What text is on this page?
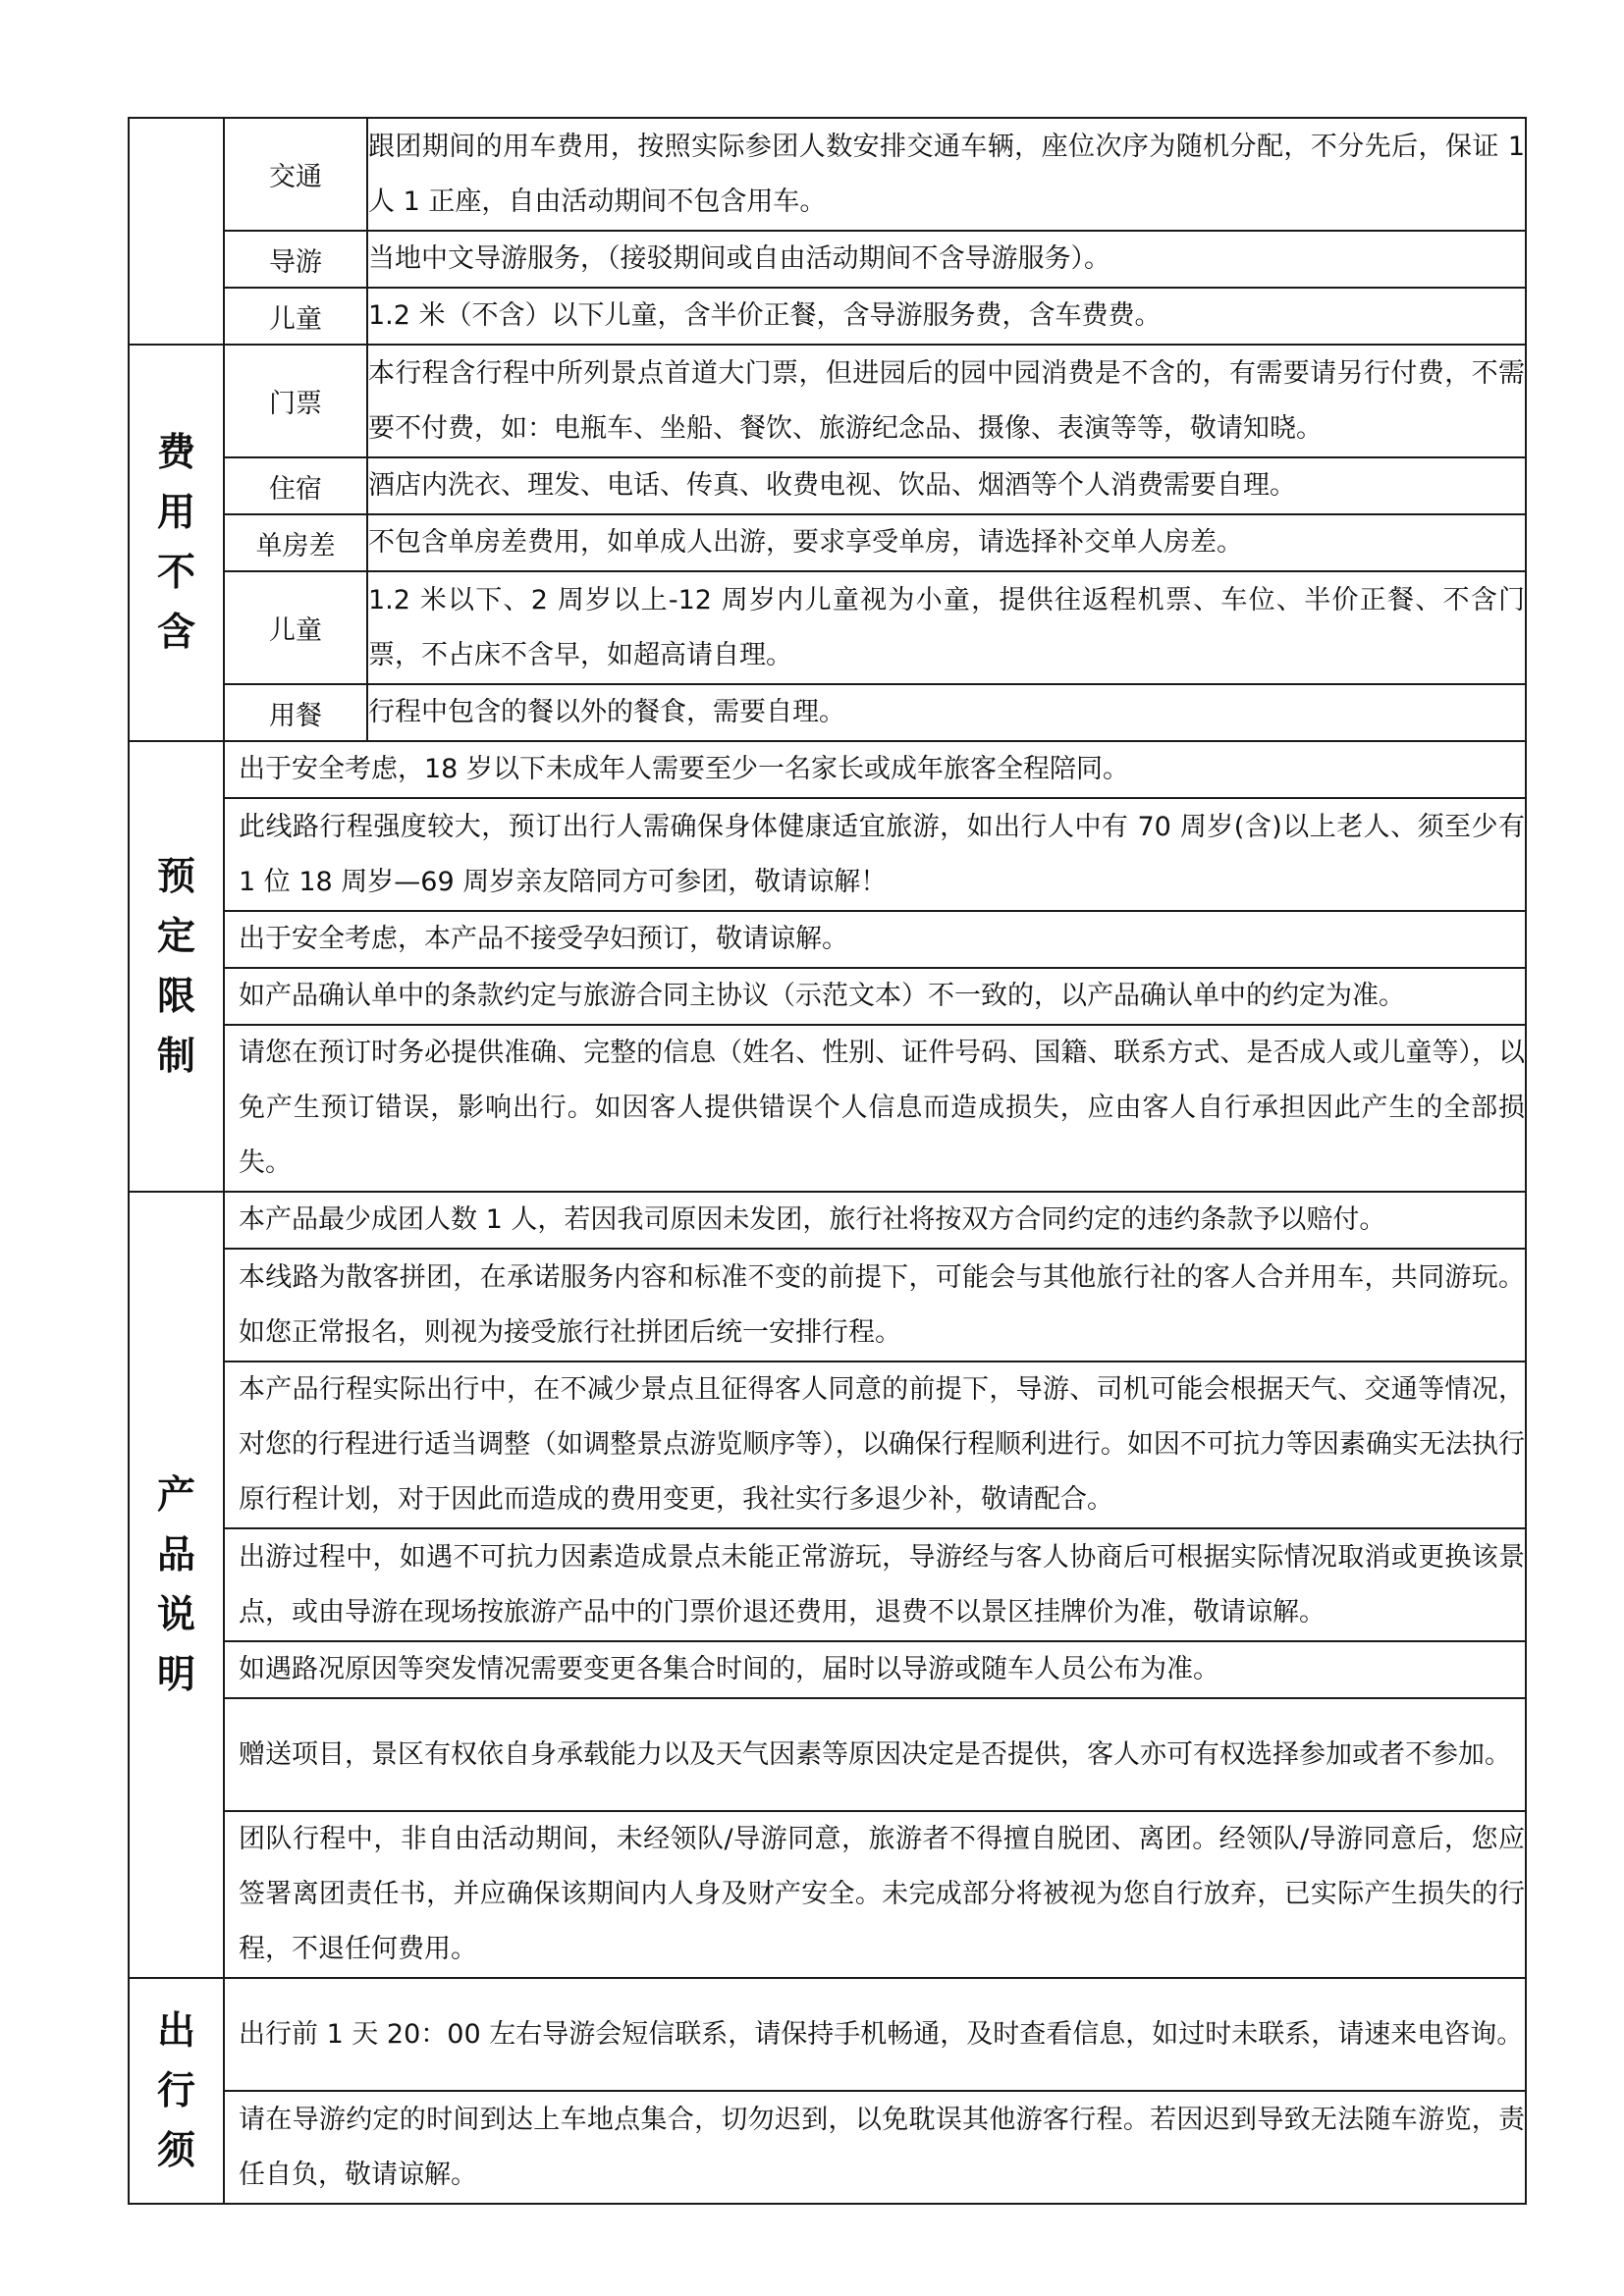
	交通	跟团期间的用车费用，按照实际参团人数安排交通车辆，座位次序为随机分配，不分先后，保证 1 人 1 正座，自由活动期间不包含用车。
	导游	当地中文导游服务，（接驳期间或自由活动期间不含导游服务）。
	儿童	1.2 米（不含）以下儿童，含半价正餐，含导游服务费，含车费费。
费用不含	门票	本行程含行程中所列景点首道大门票，但进园后的园中园消费是不含的，有需要请另行付费，不需要不付费，如：电瓶车、坐船、餐饮、旅游纪念品、摄像、表演等等，敬请知晓。
	住宿	酒店内洗衣、理发、电话、传真、收费电视、饮品、烟酒等个人消费需要自理。
	单房差	不包含单房差费用，如单成人出游，要求享受单房，请选择补交单人房差。
	儿童	1.2 米以下、2 周岁以上-12 周岁内儿童视为小童，提供往返程机票、车位、半价正餐、不含门票，不占床不含早，如超高请自理。
	用餐	行程中包含的餐以外的餐食，需要自理。
预定限制	出于安全考虑，18 岁以下未成年人需要至少一名家长或成年旅客全程陪同。	
	此线路行程强度较大，预订出行人需确保身体健康适宜旅游，如出行人中有 70 周岁(含)以上老人、须至少有 1 位 18 周岁—69 周岁亲友陪同方可参团，敬请谅解！	
	出于安全考虑，本产品不接受孕妇预订，敬请谅解。	
	如产品确认单中的条款约定与旅游合同主协议（示范文本）不一致的，以产品确认单中的约定为准。	
	请您在预订时务必提供准确、完整的信息（姓名、性别、证件号码、国籍、联系方式、是否成人或儿童等），以免产生预订错误，影响出行。如因客人提供错误个人信息而造成损失，应由客人自行承担因此产生的全部损失。	
产品说明	本产品最少成团人数 1 人，若因我司原因未发团，旅行社将按双方合同约定的违约条款予以赔付。	
	本线路为散客拼团，在承诺服务内容和标准不变的前提下，可能会与其他旅行社的客人合并用车，共同游玩。如您正常报名，则视为接受旅行社拼团后统一安排行程。	
	本产品行程实际出行中，在不减少景点且征得客人同意的前提下，导游、司机可能会根据天气、交通等情况，对您的行程进行适当调整（如调整景点游览顺序等），以确保行程顺利进行。如因不可抗力等因素确实无法执行原行程计划，对于因此而造成的费用变更，我社实行多退少补，敬请配合。	
	出游过程中，如遇不可抗力因素造成景点未能正常游玩，导游经与客人协商后可根据实际情况取消或更换该景点，或由导游在现场按旅游产品中的门票价退还费用，退费不以景区挂牌价为准，敬请谅解。	
	如遇路况原因等突发情况需要变更各集合时间的，届时以导游或随车人员公布为准。	
	赠送项目，景区有权依自身承载能力以及天气因素等原因决定是否提供，客人亦可有权选择参加或者不参加。	
	团队行程中，非自由活动期间，未经领队/导游同意，旅游者不得擅自脱团、离团。经领队/导游同意后，您应签署离团责任书，并应确保该期间内人身及财产安全。未完成部分将被视为您自行放弃，已实际产生损失的行程，不退任何费用。	
出行须	出行前 1 天 20：00 左右导游会短信联系，请保持手机畅通，及时查看信息，如过时未联系，请速来电咨询。	
	请在导游约定的时间到达上车地点集合，切勿迟到，以免耽误其他游客行程。若因迟到导致无法随车游览，责任自负，敬请谅解。	
